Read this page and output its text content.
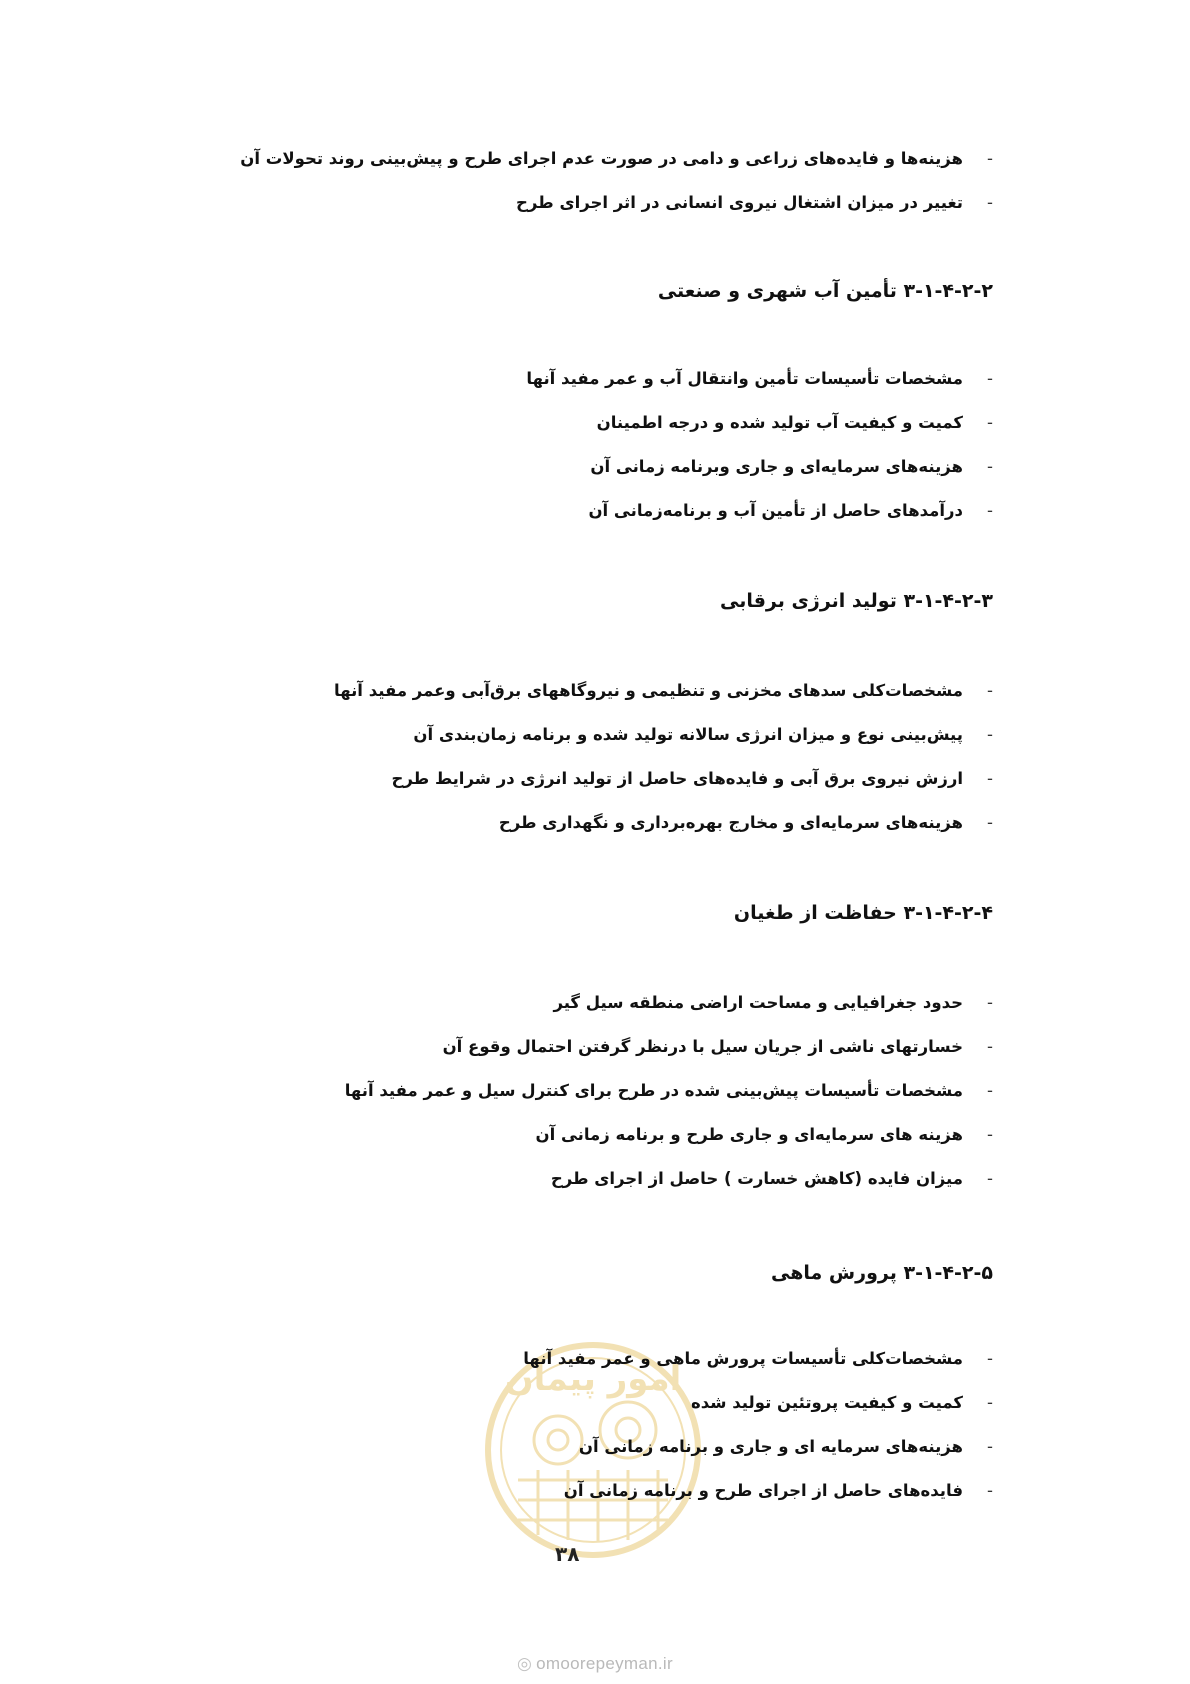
امور پیمان
-
هزینه‌ها و فایده‌های زراعی و دامی در صورت عدم اجرای طرح و پیش‌بینی روند تحولات آن
-
تغییر در میزان اشتغال نیروی انسانی در اثر اجرای طرح
۳-۱-۴-۲-۲ تأمین آب شهری و صنعتی
-
مشخصات تأسیسات تأمین وانتقال آب و عمر مفید آنها
-
کمیت و کیفیت آب تولید شده و درجه اطمینان
-
هزینه‌های سرمایه‌ای و جاری وبرنامه زمانی آن
-
درآمدهای حاصل از تأمین آب و برنامه‌زمانی آن
۳-۱-۴-۲-۳ تولید انرژی برقابی
-
مشخصات‌کلی سدهای مخزنی و تنظیمی و نیروگاههای برق‌آبی وعمر مفید آنها
-
پیش‌بینی نوع و میزان انرژی سالانه تولید شده و برنامه زمان‌بندی آن
-
ارزش نیروی برق آبی و فایده‌های حاصل از تولید انرژی در شرایط طرح
-
هزینه‌های سرمایه‌ای و مخارج بهره‌برداری و نگهداری طرح
۳-۱-۴-۲-۴ حفاظت از طغیان
-
حدود جغرافیایی و مساحت اراضی منطقه سیل گیر
-
خسارتهای ناشی از جریان سیل با درنظر گرفتن احتمال وقوع آن
-
مشخصات تأسیسات پیش‌بینی شده در طرح برای کنترل سیل و عمر مفید آنها
-
هزینه های سرمایه‌ای و جاری طرح و برنامه زمانی آن
-
میزان فایده (کاهش خسارت ) حاصل از اجرای طرح
۳-۱-۴-۲-۵ پرورش ماهی
-
مشخصات‌کلی تأسیسات پرورش ماهی و عمر مفید آنها
-
کمیت و کیفیت پروتئین تولید شده
-
هزینه‌های سرمایه ای و جاری و برنامه زمانی آن
-
فایده‌های حاصل از اجرای طرح و برنامه زمانی آن
۳۸
◎ omoorepeyman.ir
